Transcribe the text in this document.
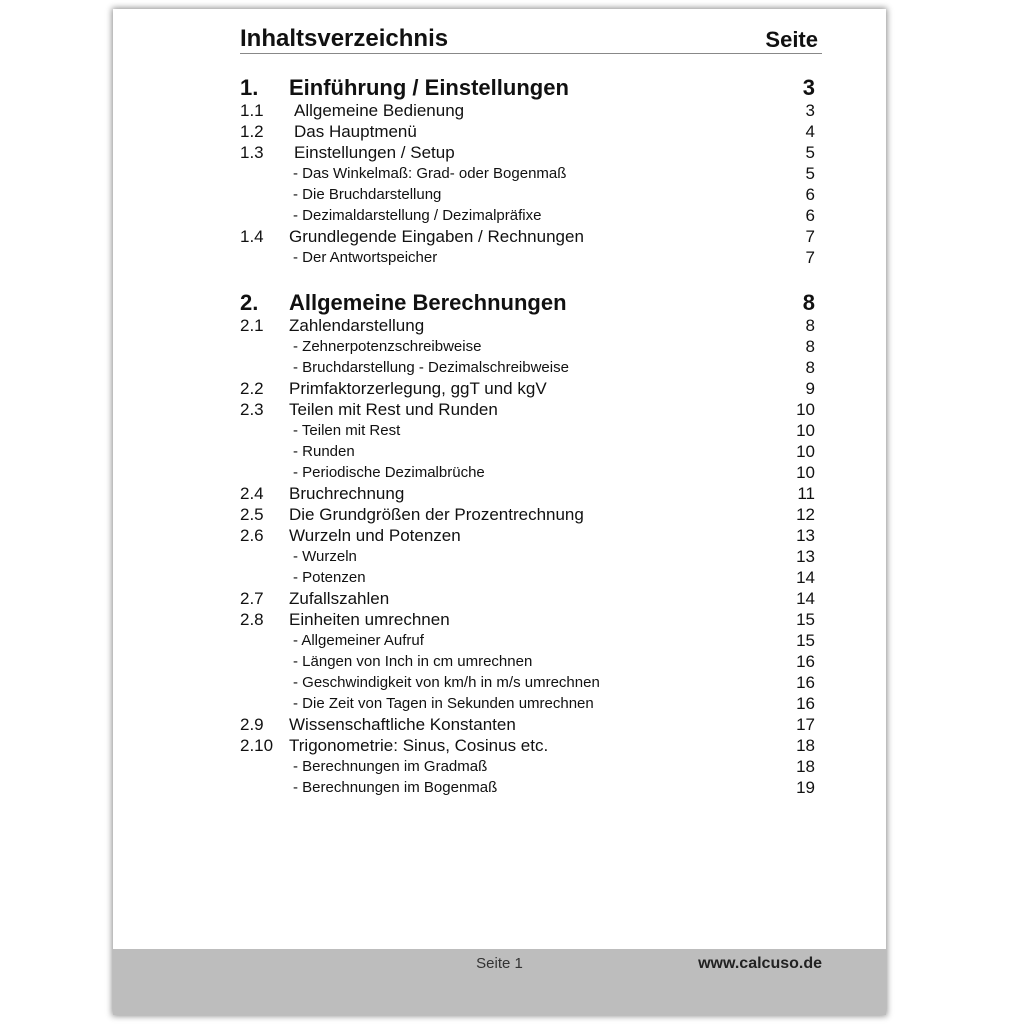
Inhaltsverzeichnis	Seite
1. Einführung / Einstellungen	3
1.1 Allgemeine Bedienung	3
1.2 Das Hauptmenü	4
1.3 Einstellungen / Setup	5
- Das Winkelmaß: Grad- oder Bogenmaß	5
- Die Bruchdarstellung	6
- Dezimaldarstellung / Dezimalpräfixe	6
1.4 Grundlegende Eingaben / Rechnungen	7
- Der Antwortspeicher	7
2. Allgemeine Berechnungen	8
2.1 Zahlendarstellung	8
- Zehnerpotenzschreibweise	8
- Bruchdarstellung - Dezimalschreibweise	8
2.2 Primfaktorzerlegung, ggT und kgV	9
2.3 Teilen mit Rest und Runden	10
- Teilen mit Rest	10
- Runden	10
- Periodische Dezimalbrüche	10
2.4 Bruchrechnung	11
2.5 Die Grundgrößen der Prozentrechnung	12
2.6 Wurzeln und Potenzen	13
- Wurzeln	13
- Potenzen	14
2.7 Zufallszahlen	14
2.8 Einheiten umrechnen	15
- Allgemeiner Aufruf	15
- Längen von Inch in cm umrechnen	16
- Geschwindigkeit von km/h in m/s umrechnen	16
- Die Zeit von Tagen in Sekunden umrechnen	16
2.9 Wissenschaftliche Konstanten	17
2.10 Trigonometrie: Sinus, Cosinus etc.	18
- Berechnungen im Gradmaß	18
- Berechnungen im Bogenmaß	19
Seite 1	www.calcuso.de
